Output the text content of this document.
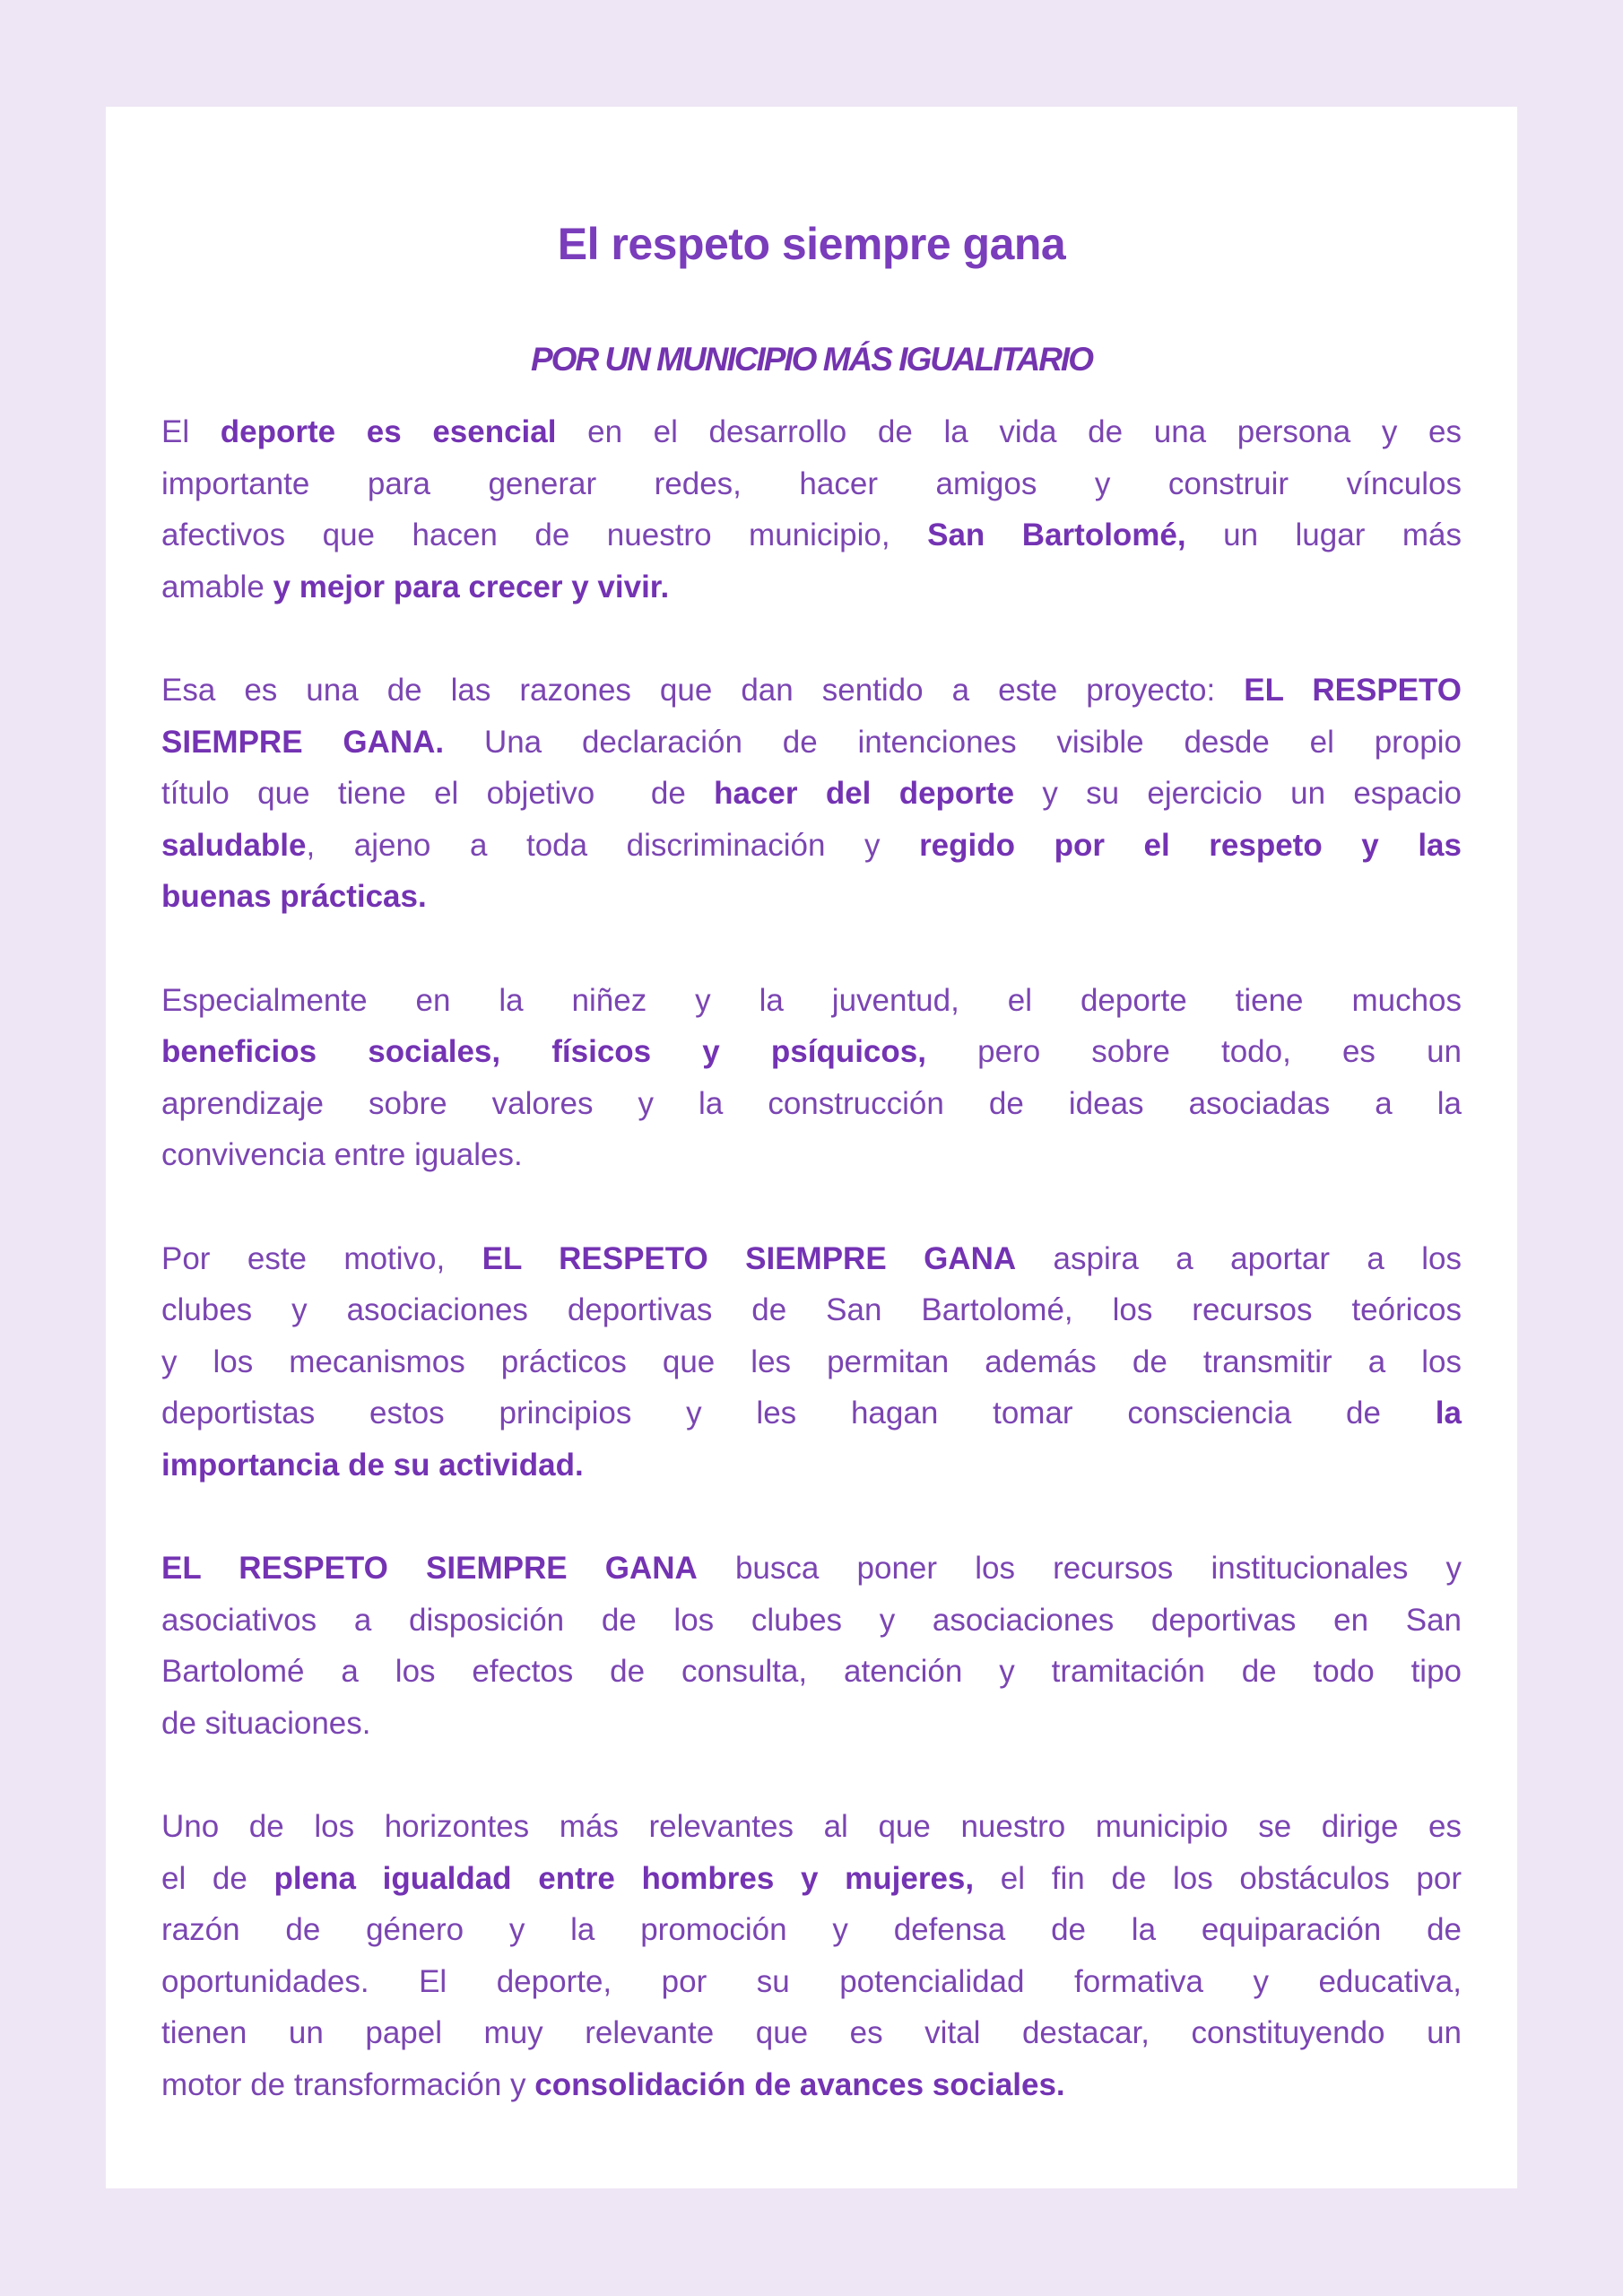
El respeto siempre gana
POR UN MUNICIPIO MÁS IGUALITARIO
El deporte es esencial en el desarrollo de la vida de una persona y es
importante para generar redes, hacer amigos y construir vínculos
afectivos que hacen de nuestro municipio, San Bartolomé, un lugar más
amable y mejor para crecer y vivir.
Esa es una de las razones que dan sentido a este proyecto: EL RESPETO
SIEMPRE GANA. Una declaración de intenciones visible desde el propio
título que tiene el objetivo  de hacer del deporte y su ejercicio un espacio
saludable, ajeno a toda discriminación y regido por el respeto y las
buenas prácticas.
Especialmente en la niñez y la juventud, el deporte tiene muchos
beneficios sociales, físicos y psíquicos, pero sobre todo, es un
aprendizaje sobre valores y la construcción de ideas asociadas a la
convivencia entre iguales.
Por este motivo, EL RESPETO SIEMPRE GANA aspira a aportar a los
clubes y asociaciones deportivas de San Bartolomé, los recursos teóricos
y los mecanismos prácticos que les permitan además de transmitir a los
deportistas estos principios y les hagan tomar consciencia de la
importancia de su actividad.
EL RESPETO SIEMPRE GANA busca poner los recursos institucionales y
asociativos a disposición de los clubes y asociaciones deportivas en San
Bartolomé a los efectos de consulta, atención y tramitación de todo tipo
de situaciones.
Uno de los horizontes más relevantes al que nuestro municipio se dirige es
el de plena igualdad entre hombres y mujeres, el fin de los obstáculos por
razón de género y la promoción y defensa de la equiparación de
oportunidades. El deporte, por su potencialidad formativa y educativa,
tienen un papel muy relevante que es vital destacar, constituyendo un
motor de transformación y consolidación de avances sociales.
